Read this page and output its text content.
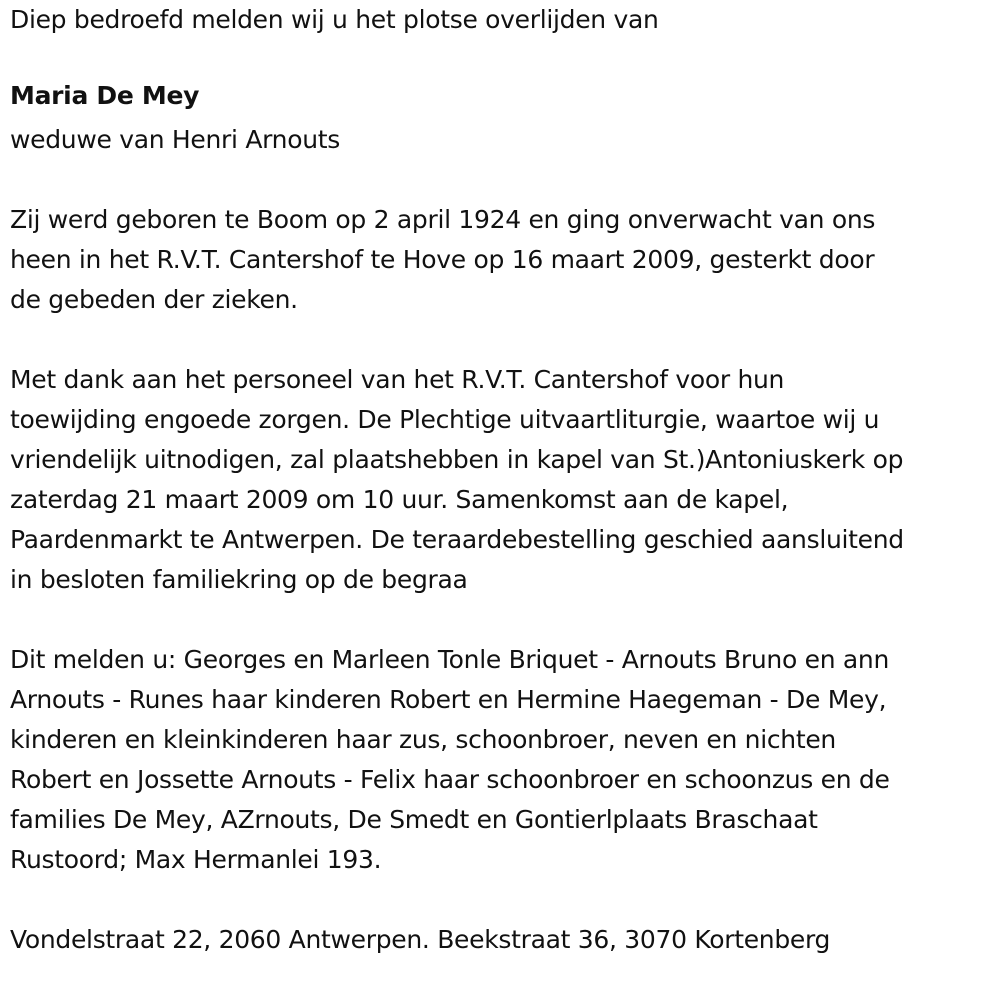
Diep bedroefd melden wij u het plotse overlijden van
Maria De Mey
weduwe van Henri Arnouts
Zij werd geboren te Boom op 2 april 1924 en ging onverwacht van ons
heen in het R.V.T. Cantershof te Hove op 16 maart 2009, gesterkt door
de gebeden der zieken.
Met dank aan het personeel van het R.V.T. Cantershof voor hun
toewijding engoede zorgen. De Plechtige uitvaartliturgie, waartoe wij u
vriendelijk uitnodigen, zal plaatshebben in kapel van St.)Antoniuskerk op
zaterdag 21 maart 2009 om 10 uur. Samenkomst aan de kapel,
Paardenmarkt te Antwerpen. De teraardebestelling geschied aansluitend
in besloten familiekring op de begraa
Dit melden u: Georges en Marleen Tonle Briquet - Arnouts Bruno en ann
Arnouts - Runes haar kinderen Robert en Hermine Haegeman - De Mey,
kinderen en kleinkinderen haar zus, schoonbroer, neven en nichten
Robert en Jossette Arnouts - Felix haar schoonbroer en schoonzus en de
families De Mey, AZrnouts, De Smedt en Gontierlplaats Braschaat
Rustoord; Max Hermanlei 193.
Vondelstraat 22, 2060 Antwerpen. Beekstraat 36, 3070 Kortenberg
